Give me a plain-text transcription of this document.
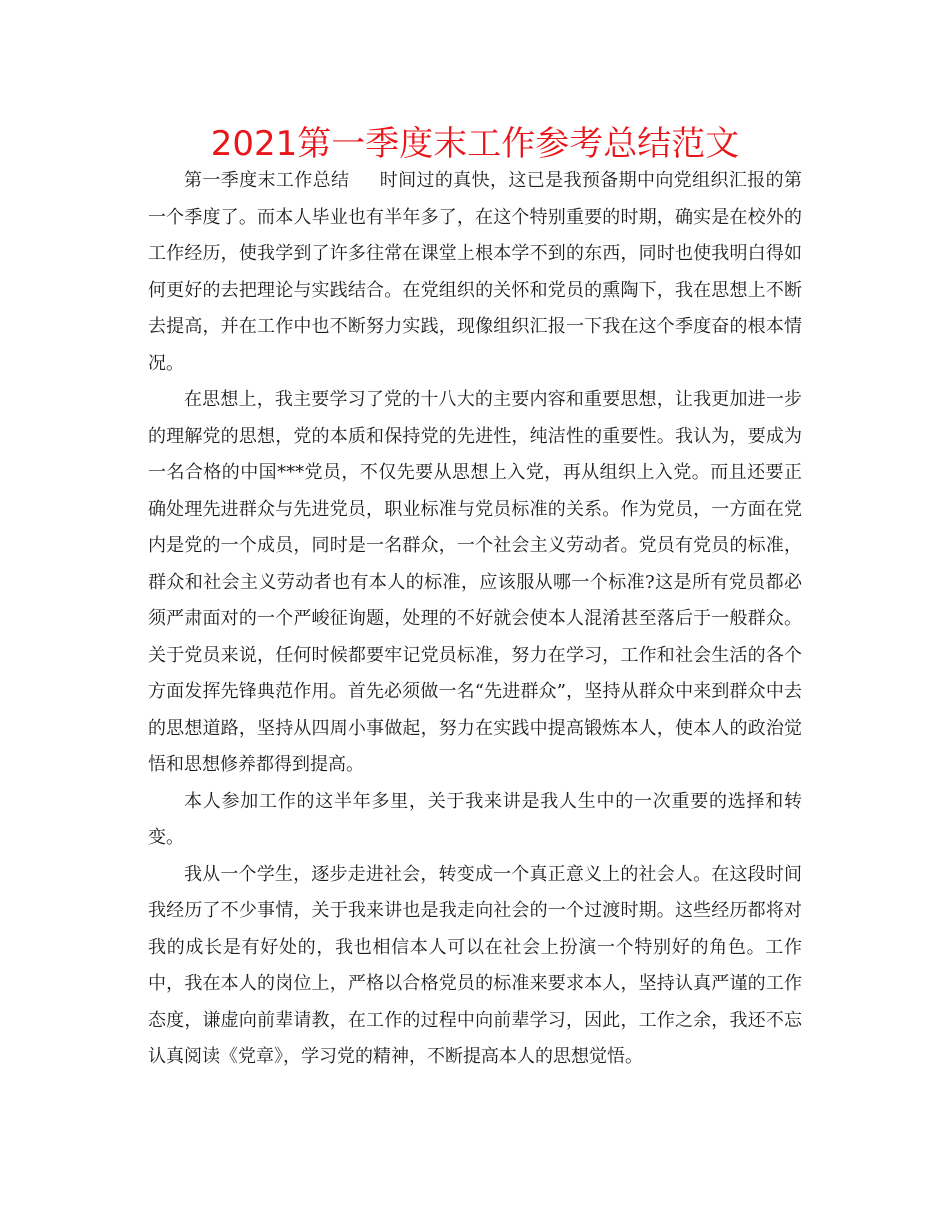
2021第一季度末工作参考总结范文

第一季度末工作总结 时间过的真快，这已是我预备期中向党组织汇报的第一个季度了。而本人毕业也有半年多了，在这个特别重要的时期，确实是在校外的工作经历，使我学到了许多往常在课堂上根本学不到的东西，同时也使我明白得如何更好的去把理论与实践结合。在党组织的关怀和党员的熏陶下，我在思想上不断去提高，并在工作中也不断努力实践，现像组织汇报一下我在这个季度奋的根本情况。

在思想上，我主要学习了党的十八大的主要内容和重要思想，让我更加进一步的理解党的思想，党的本质和保持党的先进性，纯洁性的重要性。我认为，要成为一名合格的中国***党员，不仅先要从思想上入党，再从组织上入党。而且还要正确处理先进群众与先进党员，职业标准与党员标准的关系。作为党员，一方面在党内是党的一个成员，同时是一名群众，一个社会主义劳动者。党员有党员的标准，群众和社会主义劳动者也有本人的标准，应该服从哪一个标准?这是所有党员都必须严肃面对的一个严峻征询题，处理的不好就会使本人混淆甚至落后于一般群众。关于党员来说，任何时候都要牢记党员标准，努力在学习，工作和社会生活的各个方面发挥先锋典范作用。首先必须做一名“先进群众”，坚持从群众中来到群众中去的思想道路，坚持从四周小事做起，努力在实践中提高锻炼本人，使本人的政治觉悟和思想修养都得到提高。

本人参加工作的这半年多里，关于我来讲是我人生中的一次重要的选择和转变。

我从一个学生，逐步走进社会，转变成一个真正意义上的社会人。在这段时间我经历了不少事情，关于我来讲也是我走向社会的一个过渡时期。这些经历都将对我的成长是有好处的，我也相信本人可以在社会上扮演一个特别好的角色。工作中，我在本人的岗位上，严格以合格党员的标准来要求本人，坚持认真严谨的工作态度，谦虚向前辈请教，在工作的过程中向前辈学习，因此，工作之余，我还不忘认真阅读《党章》，学习党的精神，不断提高本人的思想觉悟。
